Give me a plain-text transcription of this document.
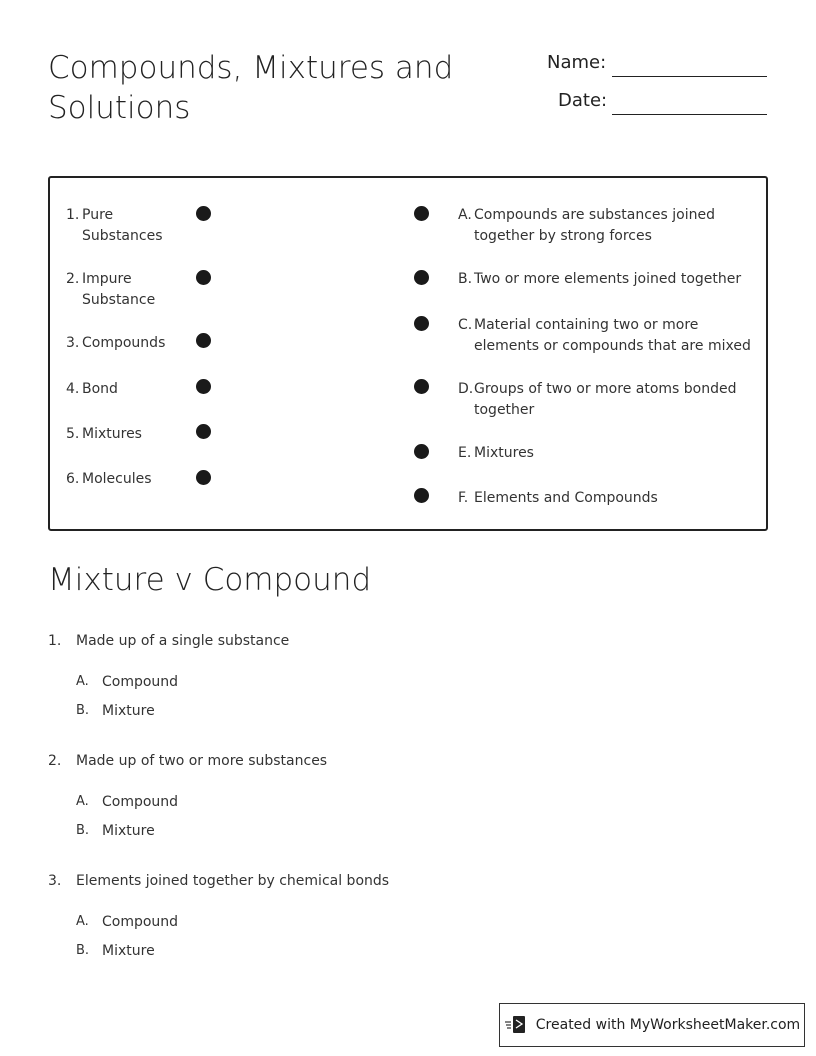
Compounds, Mixtures and Solutions
Name:
Date:
1. Pure Substances
2. Impure Substance
3. Compounds
4. Bond
5. Mixtures
6. Molecules
A. Compounds are substances joined together by strong forces
B. Two or more elements joined together
C. Material containing two or more elements or compounds that are mixed
D. Groups of two or more atoms bonded together
E. Mixtures
F. Elements and Compounds
Mixture v Compound
1. Made up of a single substance
A. Compound
B. Mixture
2. Made up of two or more substances
A. Compound
B. Mixture
3. Elements joined together by chemical bonds
A. Compound
B. Mixture
Created with MyWorksheetMaker.com
